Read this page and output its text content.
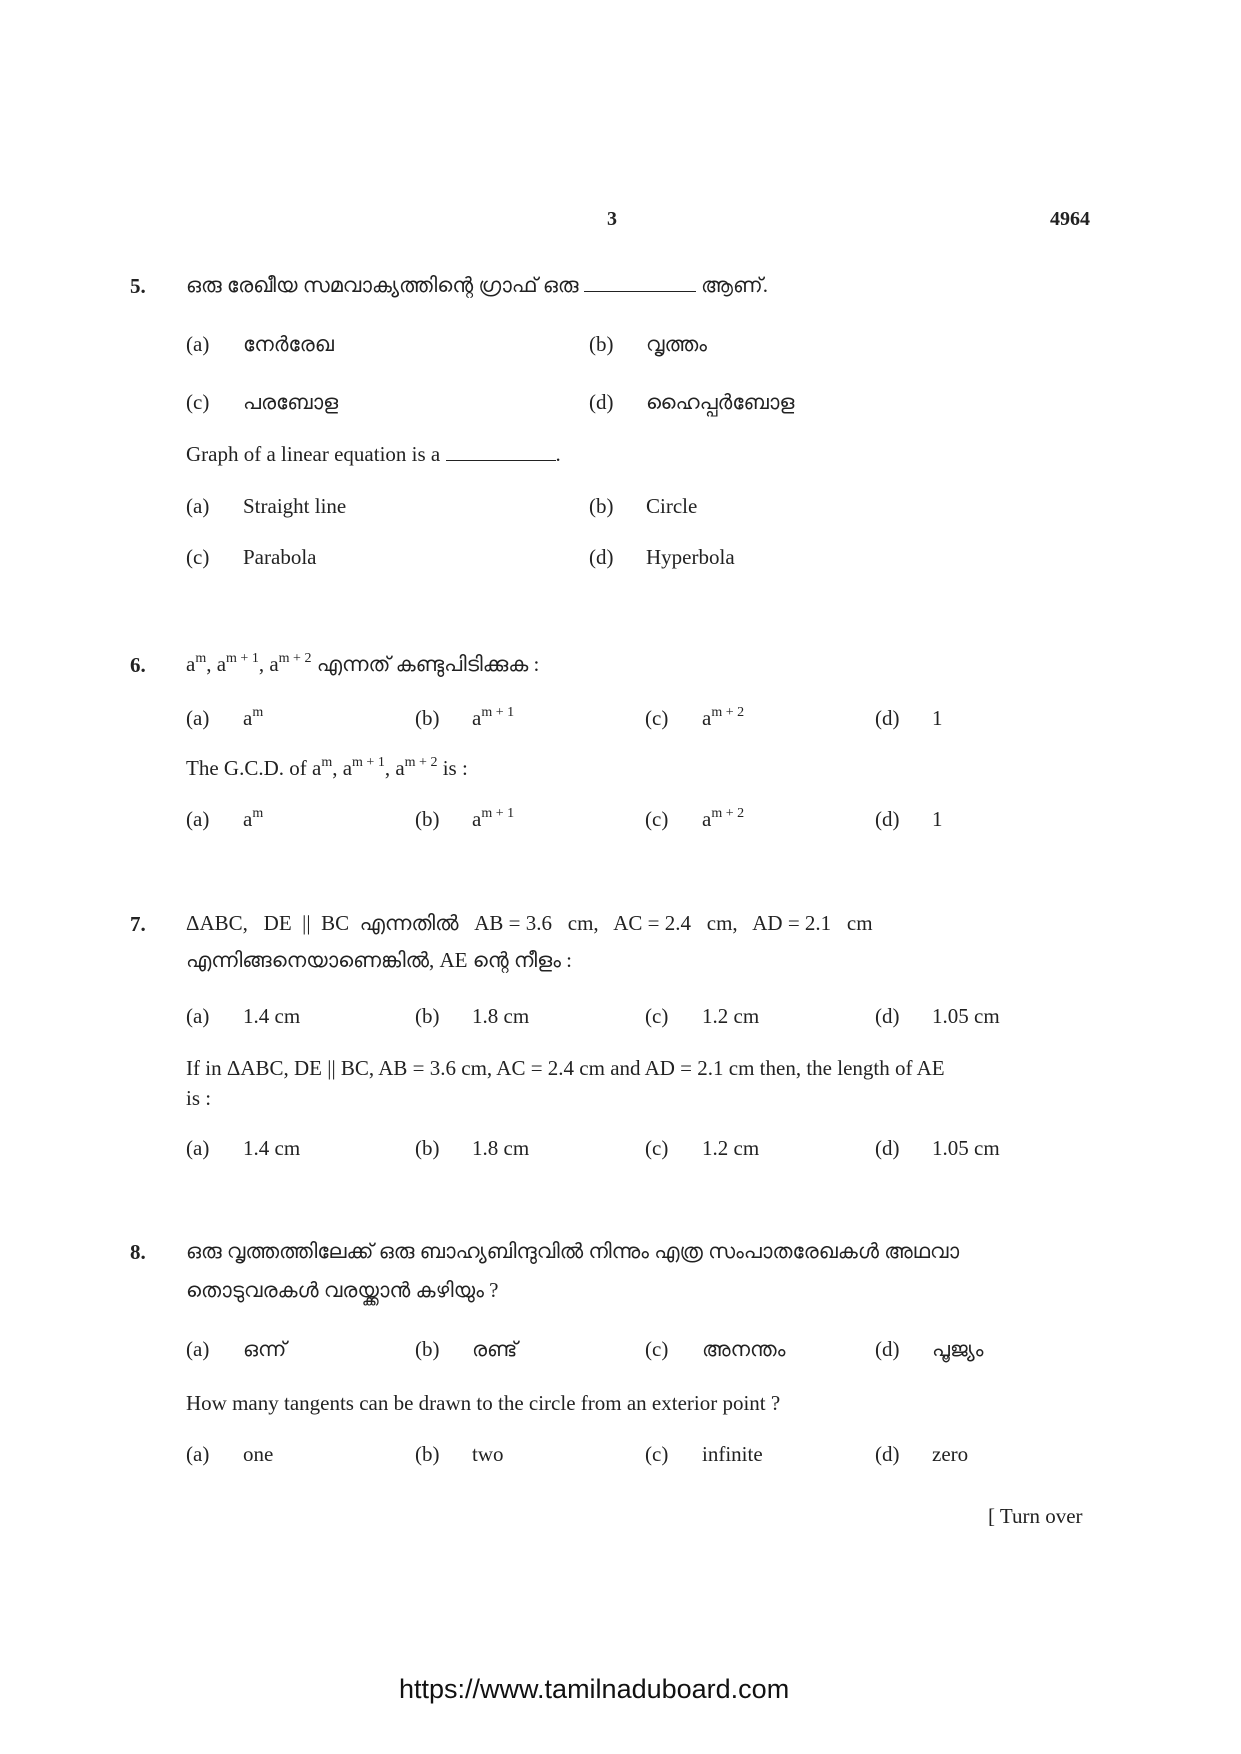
3	4964
5. ഒരു രേഖീയ സമവാക്യത്തിന്റെ ഗ്രാഫ് ഒരു	ആണ്.
(a) നേർരേഖ	(b) വൃത്തം
(c) പരബോള	(d) ഹൈപ്പർബോള
Graph of a linear equation is a	.
(a) Straight line	(b) Circle
(c) Parabola	(d) Hyperbola
6. $a^m$, $a^{m + 1}$, $a^{m + 2}$ എന്നത് കണ്ടുപിടിക്കുക :
(a) $a^m$	(b) $a^{m + 1}$	(c) $a^{m + 2}$	(d) 1
The G.C.D. of $a^m$, $a^{m + 1}$, $a^{m + 2}$ is :
(a) $a^m$	(b) $a^{m + 1}$	(c) $a^{m + 2}$	(d) 1
7. ΔABC,   DE  ||  BC  എന്നതിൽ   AB = 3.6   cm,   AC = 2.4   cm,   AD = 2.1   cm
എന്നിങ്ങനെയാണെങ്കിൽ, AE ന്റെ നീളം :
(a) 1.4 cm	(b) 1.8 cm	(c) 1.2 cm	(d) 1.05 cm
If in ΔABC, DE || BC, AB = 3.6 cm, AC = 2.4 cm and AD = 2.1 cm then, the length of AE
is :
(a) 1.4 cm	(b) 1.8 cm	(c) 1.2 cm	(d) 1.05 cm
8. ഒരു വൃത്തത്തിലേക്ക് ഒരു ബാഹ്യബിന്ദുവിൽ നിന്നും എത്ര സംപാതരേഖകൾ അഥവാ
തൊടുവരകൾ വരയ്ക്കാൻ കഴിയും ?
(a) ഒന്ന്	(b) രണ്ട്	(c) അനന്തം	(d) പൂജ്യം
How many tangents can be drawn to the circle from an exterior point ?
(a) one	(b) two	(c) infinite	(d) zero
[ Turn over
https://www.tamilnaduboard.com
